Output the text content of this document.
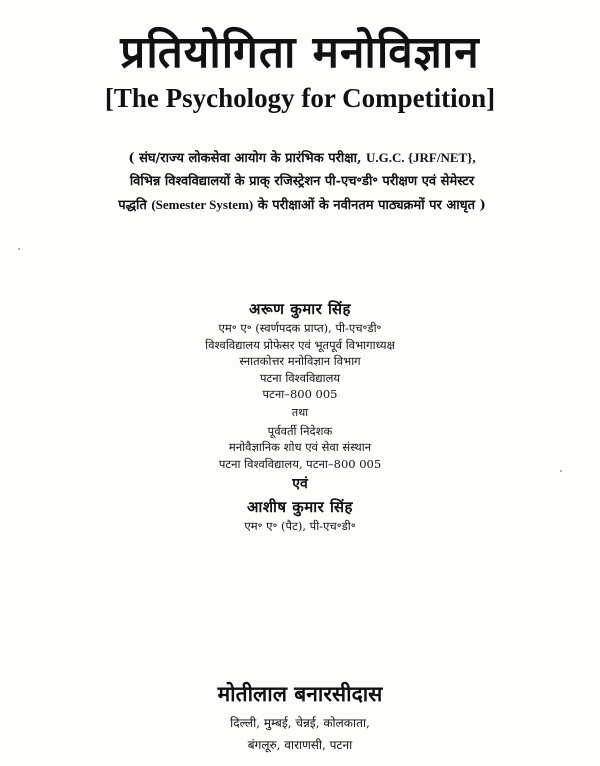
प्रतियोगिता मनोविज्ञान
[The Psychology for Competition]
( संघ/राज्य लोकसेवा आयोग के प्रारंभिक परीक्षा, U.G.C. {JRF/NET},
विभिन्न विश्वविद्यालयों के प्राक् रजिस्ट्रेशन पी-एच॰डी॰ परीक्षण एवं सेमेस्टर
पद्धति (Semester System) के परीक्षाओं के नवीनतम पाठ्यक्रमों पर आधृत )
अरूण कुमार सिंह
एम॰ ए॰ (स्वर्णपदक प्राप्त), पी-एच॰डी॰
विश्वविद्यालय प्रोफेसर एवं भूतपूर्व विभागाध्यक्ष
स्नातकोत्तर मनोविज्ञान विभाग
पटना विश्वविद्यालय
पटना–800 005
तथा
पूर्ववर्ती निदेशक
मनोवैज्ञानिक शोध एवं सेवा संस्थान
पटना विश्वविद्यालय, पटना–800 005
एवं
आशीष कुमार सिंह
एम॰ ए॰ (पैट), पी-एच॰डी॰
मोतीलाल बनारसीदास
दिल्ली, मुम्बई, चेन्नई, कोलकाता,
बंगलूरु, वाराणसी, पटना
